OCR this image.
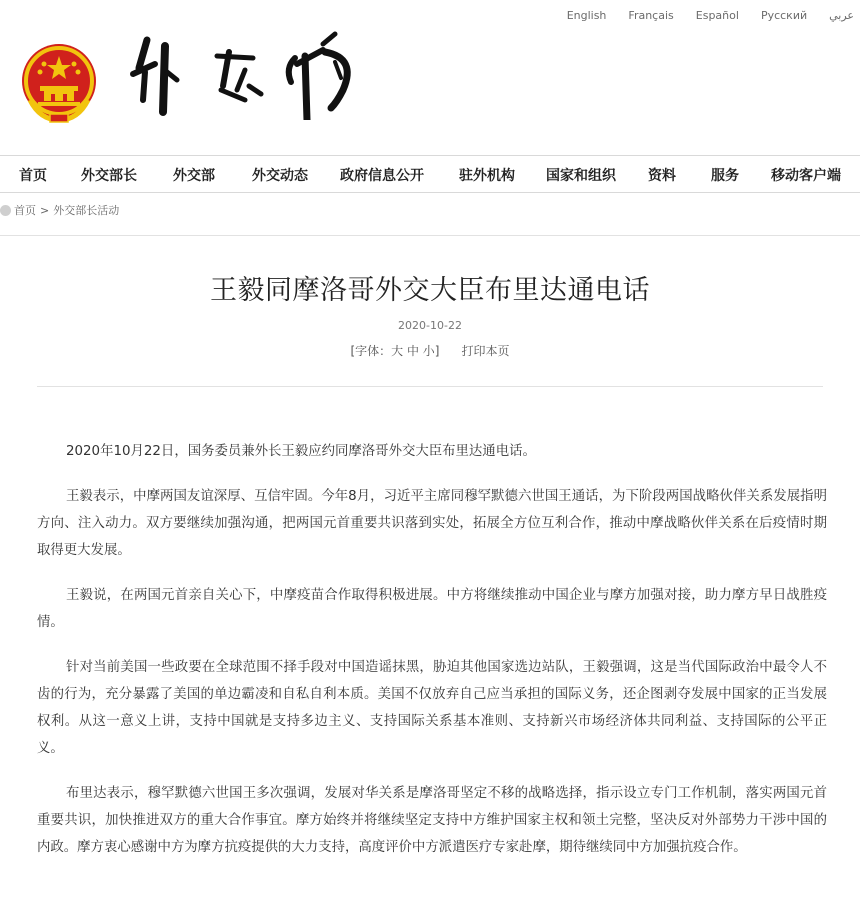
English Français Español Русский عربي
首页 外交部长	外交部	外交动态 政府信息公开	驻外机构 国家和组织 资料	服务 移动客户端
首页 > 外交部长活动
王毅同摩洛哥外交大臣布里达通电话
2020-10-22
[字体：大 中 小] 打印本页

2020年10月22日，国务委员兼外长王毅应约同摩洛哥外交大臣布里达通电话。

王毅表示，中摩两国友谊深厚、互信牢固。今年8月，习近平主席同穆罕默德六世国王通话，为下阶段两国战略伙伴关系发展指明方向、注入动力。双方要继续加强沟通，把两国元首重要共识落到实处，拓展全方位互利合作，推动中摩战略伙伴关系在后疫情时期取得更大发展。

王毅说，在两国元首亲自关心下，中摩疫苗合作取得积极进展。中方将继续推动中国企业与摩方加强对接，助力摩方早日战胜疫情。

针对当前美国一些政要在全球范围不择手段对中国造谣抹黑，胁迫其他国家选边站队，王毅强调，这是当代国际政治中最令人不齿的行为，充分暴露了美国的单边霸凌和自私自利本质。美国不仅放弃自己应当承担的国际义务，还企图剥夺发展中国家的正当发展权利。从这一意义上讲，支持中国就是支持多边主义、支持国际关系基本准则、支持新兴市场经济体共同利益、支持国际的公平正义。

布里达表示，穆罕默德六世国王多次强调，发展对华关系是摩洛哥坚定不移的战略选择，指示设立专门工作机制，落实两国元首重要共识，加快推进双方的重大合作事宜。摩方始终并将继续坚定支持中方维护国家主权和领土完整，坚决反对外部势力干涉中国的内政。摩方衷心感谢中方为摩方抗疫提供的大力支持，高度评价中方派遣医疗专家赴摩，期待继续同中方加强抗疫合作。
